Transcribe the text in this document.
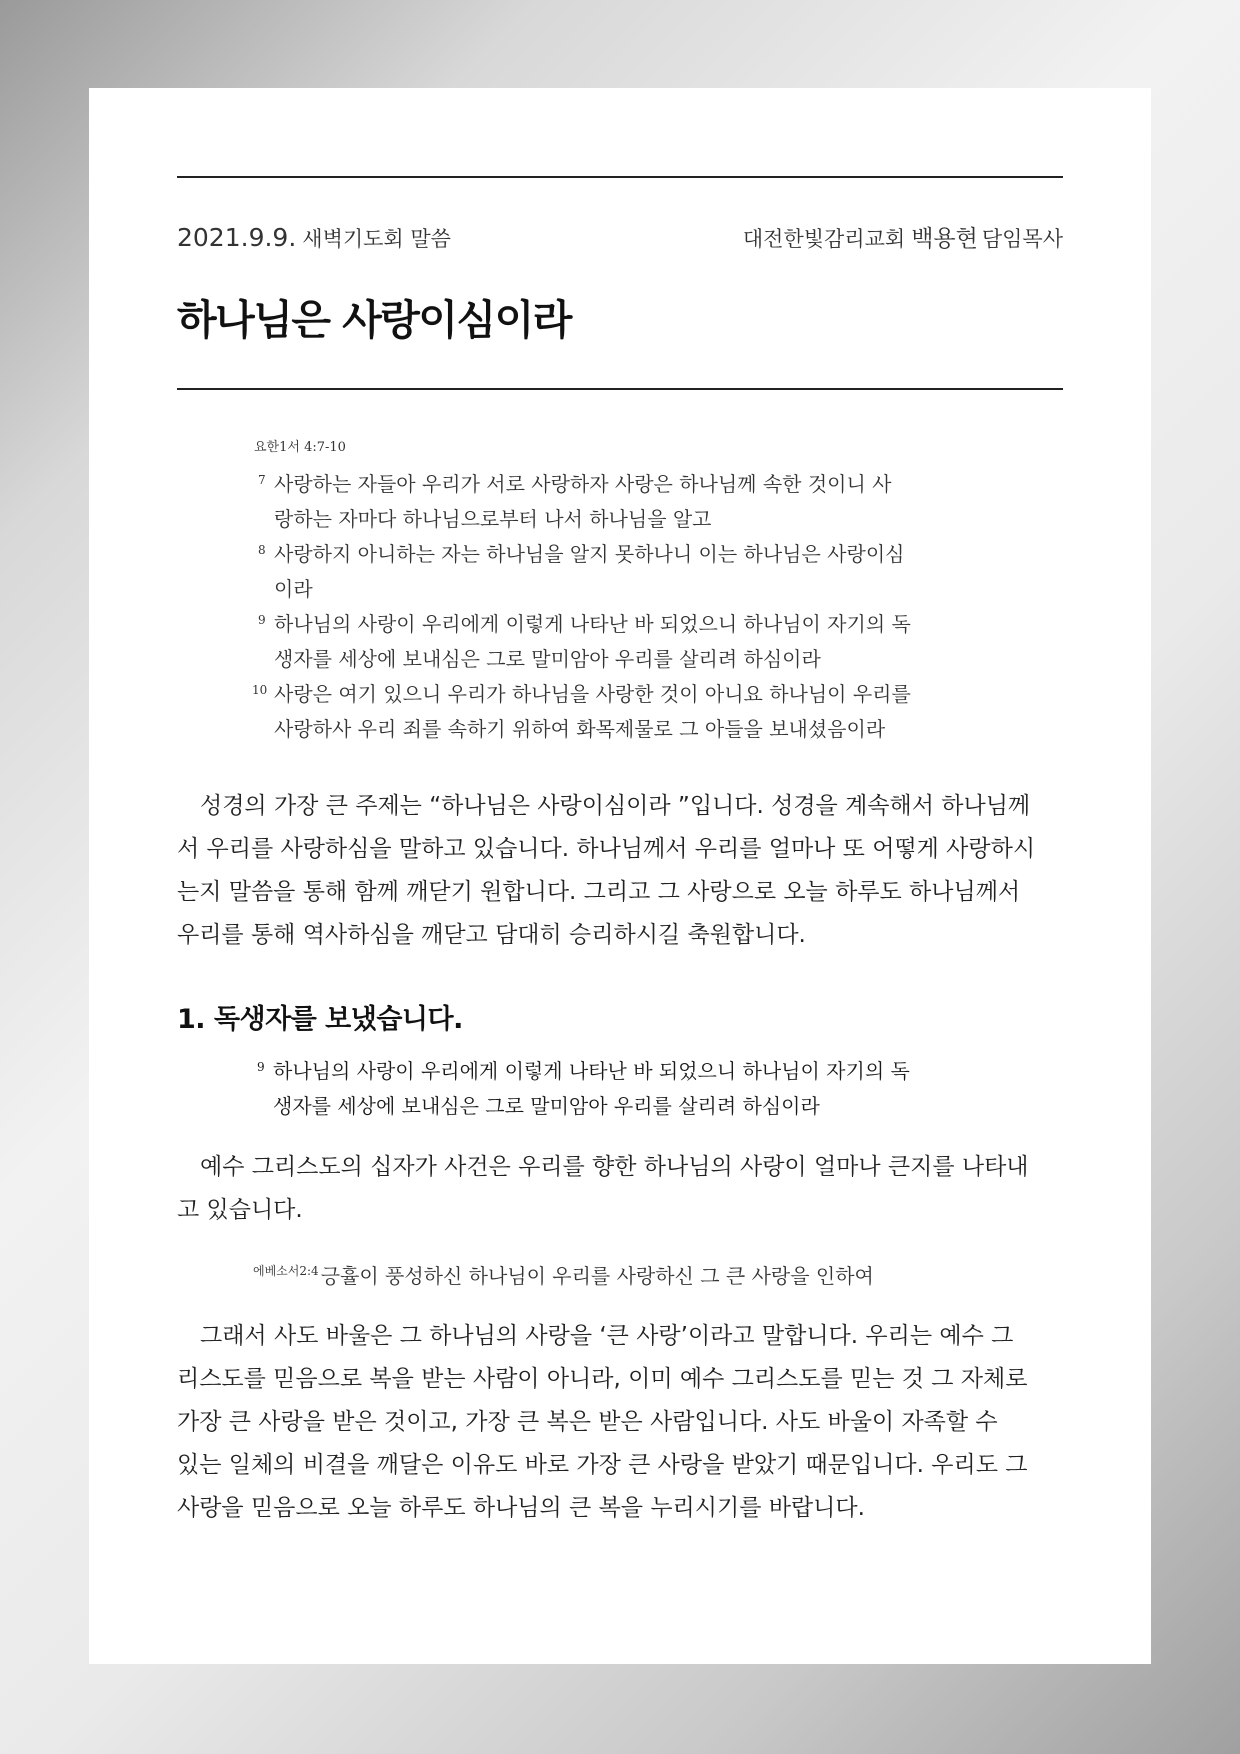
2021.9.9. 새벽기도회 말씀	대전한빛감리교회 백용현 담임목사
하나님은 사랑이심이라
요한1서 4:7-10
7 사랑하는 자들아 우리가 서로 사랑하자 사랑은 하나님께 속한 것이니 사
랑하는 자마다 하나님으로부터 나서 하나님을 알고
8 사랑하지 아니하는 자는 하나님을 알지 못하나니 이는 하나님은 사랑이심
이라
9 하나님의 사랑이 우리에게 이렇게 나타난 바 되었으니 하나님이 자기의 독
생자를 세상에 보내심은 그로 말미암아 우리를 살리려 하심이라
10 사랑은 여기 있으니 우리가 하나님을 사랑한 것이 아니요 하나님이 우리를
사랑하사 우리 죄를 속하기 위하여 화목제물로 그 아들을 보내셨음이라
　성경의 가장 큰 주제는 “하나님은 사랑이심이라 ”입니다. 성경을 계속해서 하나님께
서 우리를 사랑하심을 말하고 있습니다. 하나님께서 우리를 얼마나 또 어떻게 사랑하시
는지 말씀을 통해 함께 깨닫기 원합니다. 그리고 그 사랑으로 오늘 하루도 하나님께서
우리를 통해 역사하심을 깨닫고 담대히 승리하시길 축원합니다.
1. 독생자를 보냈습니다.
9 하나님의 사랑이 우리에게 이렇게 나타난 바 되었으니 하나님이 자기의 독
생자를 세상에 보내심은 그로 말미암아 우리를 살리려 하심이라
　예수 그리스도의 십자가 사건은 우리를 향한 하나님의 사랑이 얼마나 큰지를 나타내
고 있습니다.
$^{에베소서2:4}$ 긍휼이 풍성하신 하나님이 우리를 사랑하신 그 큰 사랑을 인하여
　그래서 사도 바울은 그 하나님의 사랑을 ‘큰 사랑’이라고 말합니다. 우리는 예수 그
리스도를 믿음으로 복을 받는 사람이 아니라, 이미 예수 그리스도를 믿는 것 그 자체로
가장 큰 사랑을 받은 것이고, 가장 큰 복은 받은 사람입니다. 사도 바울이 자족할 수
있는 일체의 비결을 깨달은 이유도 바로 가장 큰 사랑을 받았기 때문입니다. 우리도 그
사랑을 믿음으로 오늘 하루도 하나님의 큰 복을 누리시기를 바랍니다.
